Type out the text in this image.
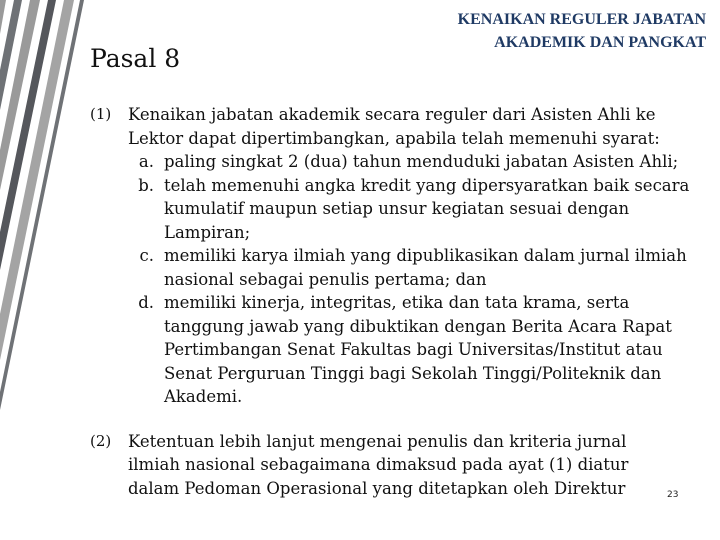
Pasal 8
KENAIKAN REGULER JABATAN
AKADEMIK DAN PANGKAT
(1) Kenaikan jabatan akademik secara reguler dari Asisten Ahli ke Lektor dapat dipertimbangkan, apabila telah memenuhi syarat:
a. paling singkat 2 (dua) tahun menduduki jabatan Asisten Ahli;
b. telah memenuhi angka kredit yang dipersyaratkan baik secara kumulatif maupun setiap unsur kegiatan sesuai dengan Lampiran;
c. memiliki karya ilmiah yang dipublikasikan dalam jurnal ilmiah nasional sebagai penulis pertama; dan
d. memiliki kinerja, integritas, etika dan tata krama, serta tanggung jawab yang dibuktikan dengan Berita Acara Rapat Pertimbangan Senat Fakultas bagi Universitas/Institut atau Senat Perguruan Tinggi bagi Sekolah Tinggi/Politeknik dan Akademi.
(2) Ketentuan lebih lanjut mengenai penulis dan kriteria jurnal ilmiah nasional sebagaimana dimaksud pada ayat (1) diatur dalam Pedoman Operasional yang ditetapkan oleh Direktur	23
